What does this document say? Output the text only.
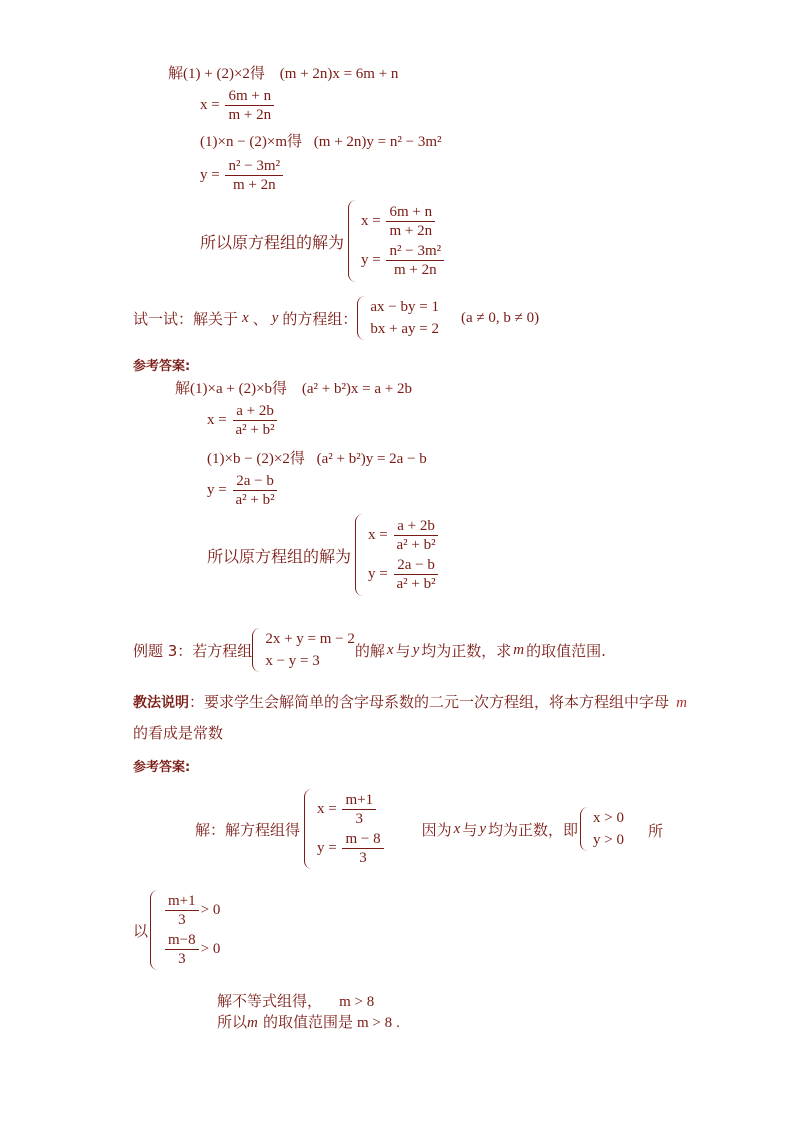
解(1) + (2)×2得 (m + 2n)x = 6m + n
$x = \frac{6m + n}{m + 2n}$
(1)×n − (2)×m得 (m + 2n)y = n² − 3m²
$y = \frac{\text{n² − 3m²}}{m + 2n}$
所以原方程组的解为
$x = \frac{6m + n}{m + 2n}$
$y = \frac{\text{n² − 3m²}}{m + 2n}$
试一试：解关于 x 、 y 的方程组：
ax − by = 1
bx + ay = 2
(a ≠ 0, b ≠ 0)
参考答案:
解(1)×a + (2)×b得 (a² + b²)x = a + 2b
$x = \frac{a + 2b}{\text{a² + b²}}$
(1)×b − (2)×2得 (a² + b²)y = 2a − b
$y = \frac{2a - b}{\text{a² + b²}}$
所以原方程组的解为
$x = \frac{a + 2b}{\text{a² + b²}}$
$y = \frac{2a - b}{\text{a² + b²}}$
例题 3：若方程组
2x + y = m − 2
x − y = 3
的解 x 与 y 均为正数，求 m 的取值范围.
教法说明：要求学生会解简单的含字母系数的二元一次方程组，将本方程组中字母 m
的看成是常数
参考答案:
解：解方程组得
$x = \frac{m+1}{3}$
$y = \frac{m - 8}{3}$
因为 x 与 y 均为正数，即
x > 0
y > 0 所
以
$\frac{m+1}{3} > 0$
$\frac{m-8}{3} > 0$
解不等式组得， m > 8
所以m 的取值范围是 m > 8 .
